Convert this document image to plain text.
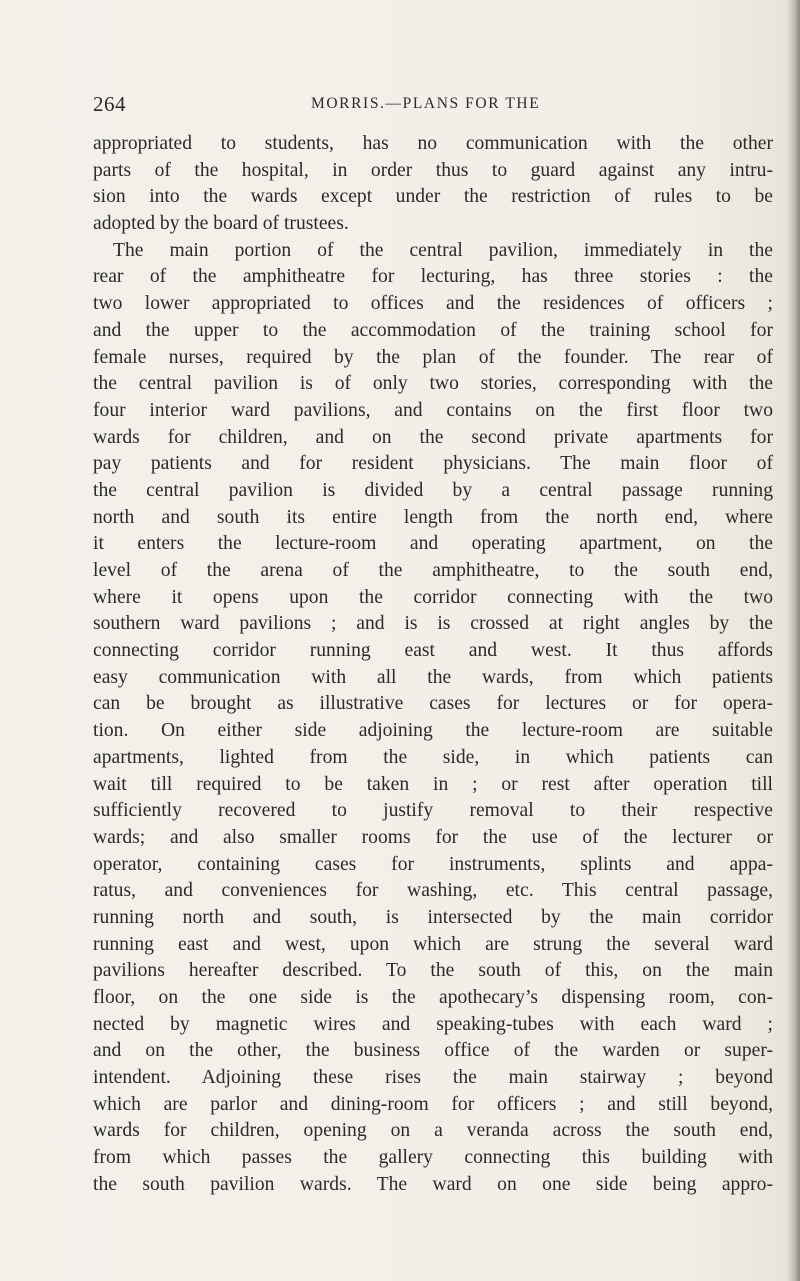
264	MORRIS.—PLANS FOR THE
appropriated to students, has no communication with the other
parts of the hospital, in order thus to guard against any intru-
sion into the wards except under the restriction of rules to be
adopted by the board of trustees.
The main portion of the central pavilion, immediately in the
rear of the amphitheatre for lecturing, has three stories : the
two lower appropriated to offices and the residences of officers ;
and the upper to the accommodation of the training school for
female nurses, required by the plan of the founder. The rear of
the central pavilion is of only two stories, corresponding with the
four interior ward pavilions, and contains on the first floor two
wards for children, and on the second private apartments for
pay patients and for resident physicians. The main floor of
the central pavilion is divided by a central passage running
north and south its entire length from the north end, where
it enters the lecture-room and operating apartment, on the
level of the arena of the amphitheatre, to the south end,
where it opens upon the corridor connecting with the two
southern ward pavilions ; and is is crossed at right angles by the
connecting corridor running east and west. It thus affords
easy communication with all the wards, from which patients
can be brought as illustrative cases for lectures or for opera-
tion. On either side adjoining the lecture-room are suitable
apartments, lighted from the side, in which patients can
wait till required to be taken in ; or rest after operation till
sufficiently recovered to justify removal to their respective
wards; and also smaller rooms for the use of the lecturer or
operator, containing cases for instruments, splints and appa-
ratus, and conveniences for washing, etc. This central passage,
running north and south, is intersected by the main corridor
running east and west, upon which are strung the several ward
pavilions hereafter described. To the south of this, on the main
floor, on the one side is the apothecary’s dispensing room, con-
nected by magnetic wires and speaking-tubes with each ward ;
and on the other, the business office of the warden or super-
intendent. Adjoining these rises the main stairway ; beyond
which are parlor and dining-room for officers ; and still beyond,
wards for children, opening on a veranda across the south end,
from which passes the gallery connecting this building with
the south pavilion wards. The ward on one side being appro-
